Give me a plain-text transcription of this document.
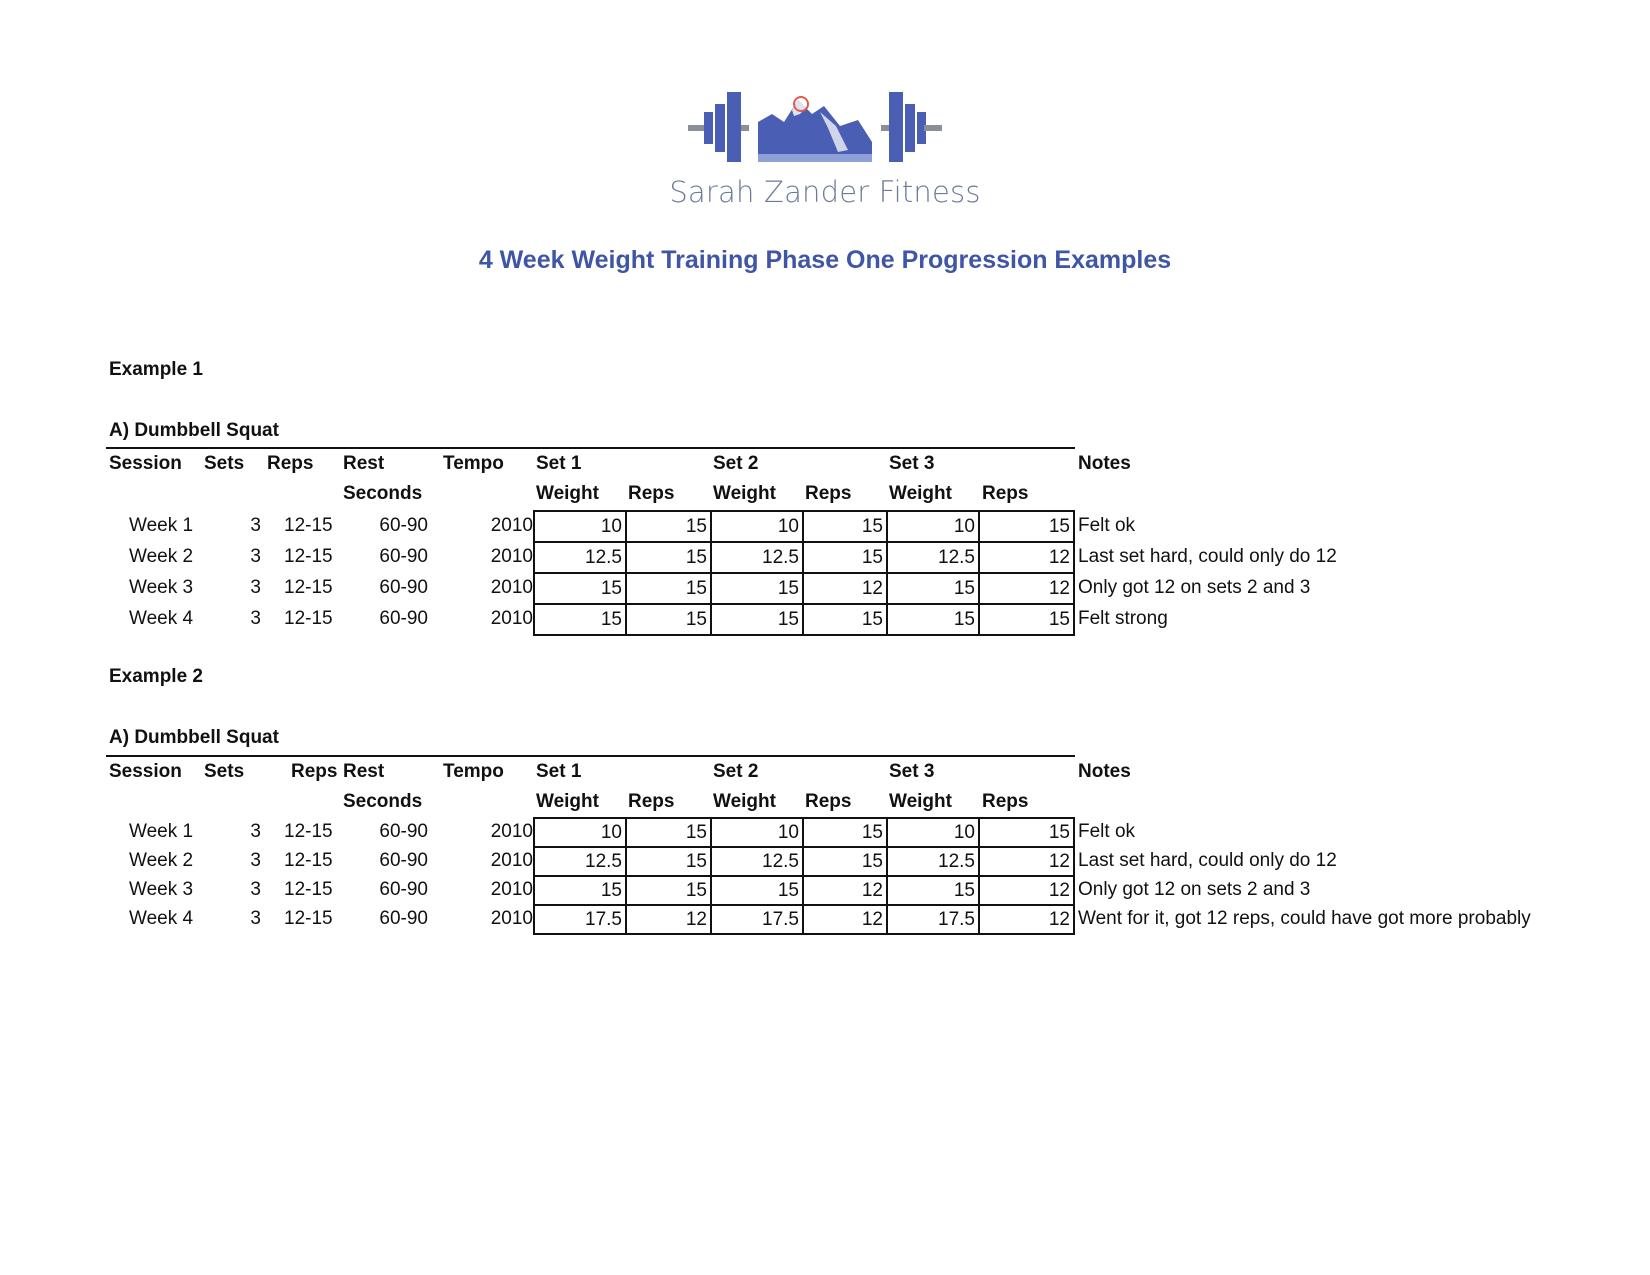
Sarah Zander Fitness
4 Week Weight Training Phase One Progression Examples
Example 1
A) Dumbbell Squat
Session Sets Reps Rest	Tempo Set 1	Set 2	Set 3	Notes
Seconds	Weight Reps Weight Reps Weight Reps
Week 1	3 12-15	60-90	2010	10	15	10	15	10	15 Felt ok
Week 2	3 12-15	60-90	2010	12.5	15	12.5	15	12.5	12 Last set hard, could only do 12
Week 3	3 12-15	60-90	2010	15	15	15	12	15	12 Only got 12 on sets 2 and 3
Week 4	3 12-15	60-90	2010	15	15	15	15	15	15 Felt strong
Example 2
A) Dumbbell Squat
Session Sets Reps Rest	Tempo Set 1	Set 2	Set 3	Notes
Seconds	Weight Reps Weight Reps Weight Reps
Week 1	3 12-15	60-90	2010	10	15	10	15	10	15 Felt ok
Week 2	3 12-15	60-90	2010	12.5	15	12.5	15	12.5	12 Last set hard, could only do 12
Week 3	3 12-15	60-90	2010	15	15	15	12	15	12 Only got 12 on sets 2 and 3
Week 4	3 12-15	60-90	2010	17.5	12	17.5	12	17.5	12 Went for it, got 12 reps, could have got more probably
